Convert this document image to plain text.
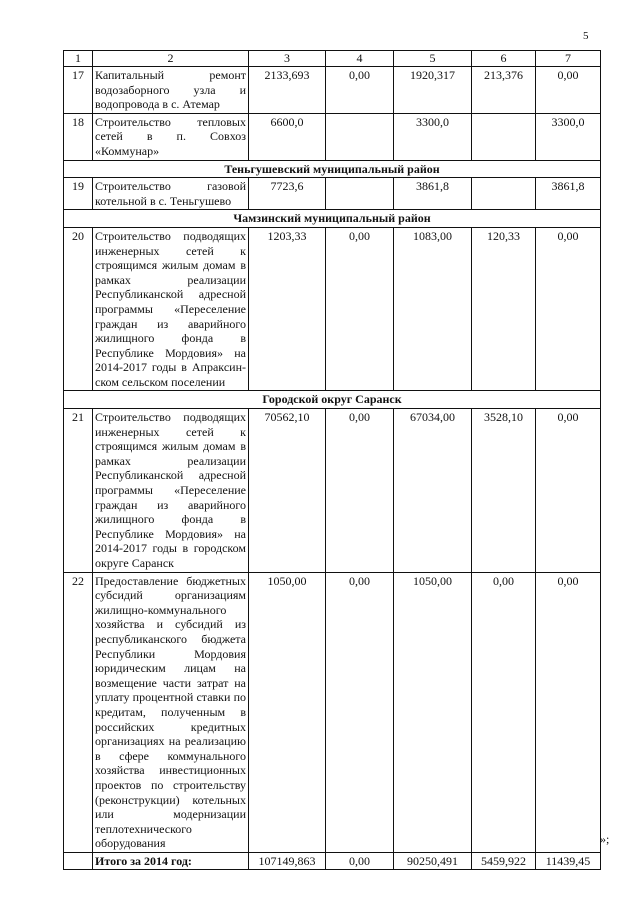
5
1	2	3	4	5	6	7
17	Капитальный ремонт водозаборного узла и водопровода в с. Атемар	2133,693	0,00	1920,317	213,376	0,00
18	Строительство тепловых сетей в п. Совхоз «Коммунар»	6600,0		3300,0		3300,0
Теньгушевский муниципальный район						
19	Строительство газовой котельной в с. Теньгушево	7723,6		3861,8		3861,8
Чамзинский муниципальный район						
20	Строительство подводящих инженерных сетей к строящимся жилым домам в рамках реализации Республиканской адресной программы «Переселение граждан из аварийного жилищного фонда в Республике Мордовия» на 2014-2017 годы в Апраксин-ском сельском поселении	1203,33	0,00	1083,00	120,33	0,00
Городской округ Саранск						
21	Строительство подводящих инженерных сетей к строящимся жилым домам в рамках реализации Республиканской адресной программы «Переселение граждан из аварийного жилищного фонда в Республике Мордовия» на 2014-2017 годы в городском округе Саранск	70562,10	0,00	67034,00	3528,10	0,00
22	Предоставление бюджетных субсидий организациям жилищно-коммунального хозяйства и субсидий из республиканского бюджета Республики Мордовия юридическим лицам на возмещение части затрат на уплату процентной ставки по кредитам, полученным в российских кредитных организациях на реализацию в сфере коммунального хозяйства инвестиционных проектов по строительству (реконструкции) котельных или модернизации теплотехнического оборудования	1050,00	0,00	1050,00	0,00	0,00
	Итого за 2014 год:	107149,863	0,00	90250,491	5459,922	11439,45
»;
